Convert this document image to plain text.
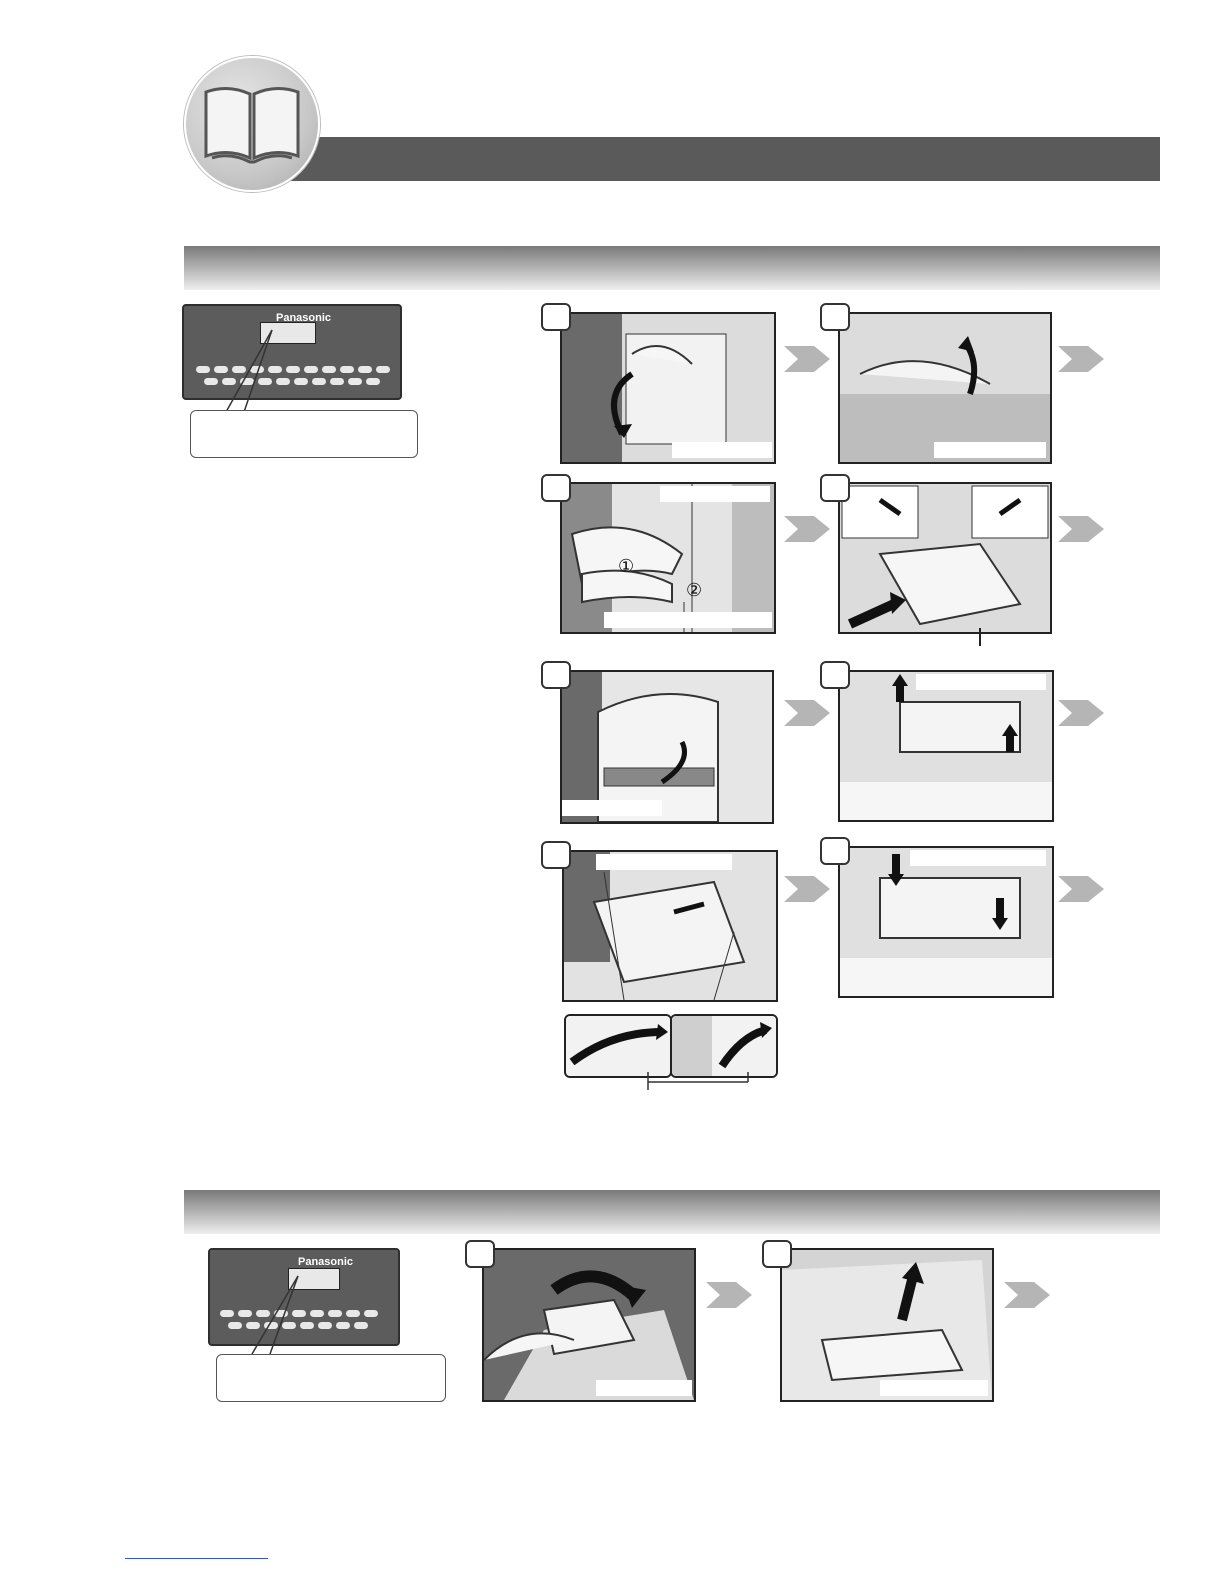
Panasonic
①
②
Panasonic
